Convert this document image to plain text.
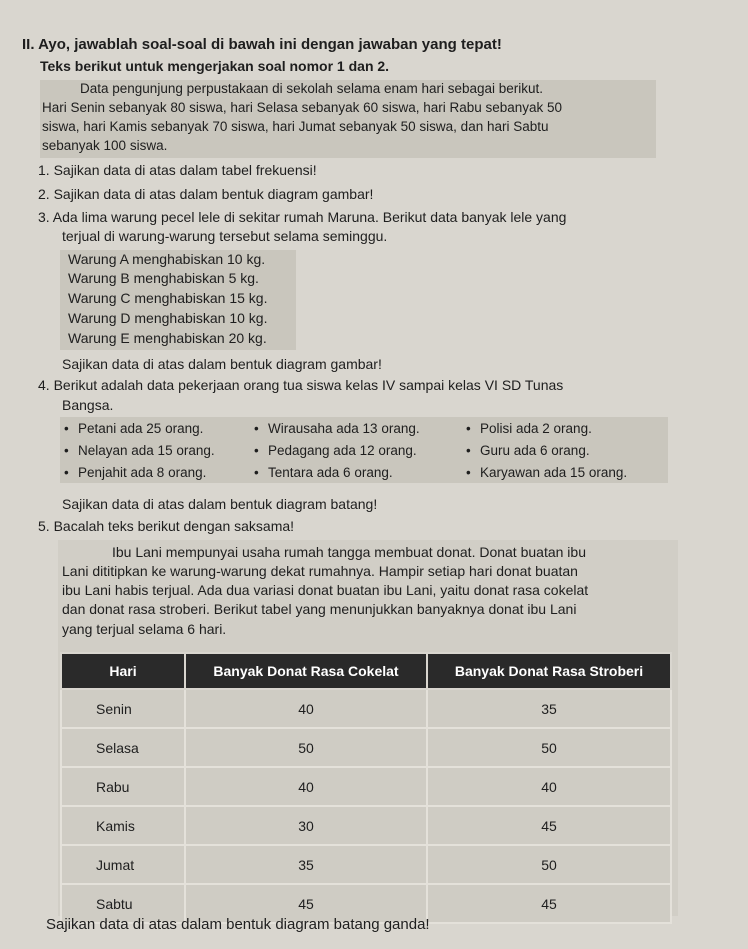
II. Ayo, jawablah soal-soal di bawah ini dengan jawaban yang tepat!
Teks berikut untuk mengerjakan soal nomor 1 dan 2.
Data pengunjung perpustakaan di sekolah selama enam hari sebagai berikut.
Hari Senin sebanyak 80 siswa, hari Selasa sebanyak 60 siswa, hari Rabu sebanyak 50
siswa, hari Kamis sebanyak 70 siswa, hari Jumat sebanyak 50 siswa, dan hari Sabtu
sebanyak 100 siswa.
1. Sajikan data di atas dalam tabel frekuensi!
2. Sajikan data di atas dalam bentuk diagram gambar!
3. Ada lima warung pecel lele di sekitar rumah Maruna. Berikut data banyak lele yang
terjual di warung-warung tersebut selama seminggu.
Warung A menghabiskan 10 kg.
Warung B menghabiskan 5 kg.
Warung C menghabiskan 15 kg.
Warung D menghabiskan 10 kg.
Warung E menghabiskan 20 kg.
Sajikan data di atas dalam bentuk diagram gambar!
4. Berikut adalah data pekerjaan orang tua siswa kelas IV sampai kelas VI SD Tunas
Bangsa.
• Petani ada 25 orang.
• Nelayan ada 15 orang.
• Penjahit ada 8 orang.
• Wirausaha ada 13 orang.
• Pedagang ada 12 orang.
• Tentara ada 6 orang.
• Polisi ada 2 orang.
• Guru ada 6 orang.
• Karyawan ada 15 orang.
Sajikan data di atas dalam bentuk diagram batang!
5. Bacalah teks berikut dengan saksama!
Ibu Lani mempunyai usaha rumah tangga membuat donat. Donat buatan ibu
Lani dititipkan ke warung-warung dekat rumahnya. Hampir setiap hari donat buatan
ibu Lani habis terjual. Ada dua variasi donat buatan ibu Lani, yaitu donat rasa cokelat
dan donat rasa stroberi. Berikut tabel yang menunjukkan banyaknya donat ibu Lani
yang terjual selama 6 hari.
Hari	Banyak Donat Rasa Cokelat	Banyak Donat Rasa Stroberi
Senin	40	35
Selasa	50	50
Rabu	40	40
Kamis	30	45
Jumat	35	50
Sabtu	45	45
Sajikan data di atas dalam bentuk diagram batang ganda!
